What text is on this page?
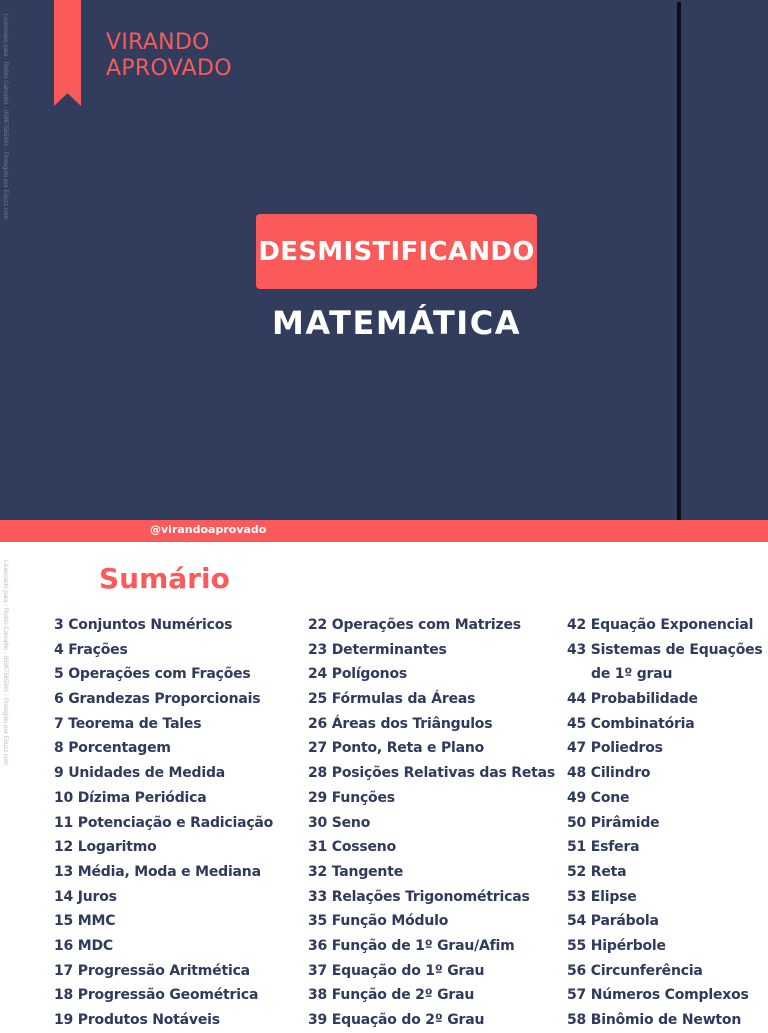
VIRANDO
APROVADO
Licenciado para - Rolido Carvalho - 05967565341 - Protegido por Eduzz.com
DESMISTIFICANDO
MATEMÁTICA
@virandoaprovado
Licenciado para - Rolido Carvalho - 05967565341 - Protegido por Eduzz.com	Sumário
3 Conjuntos Numéricos
4 Frações
5 Operações com Frações
6 Grandezas Proporcionais
7 Teorema de Tales
8 Porcentagem
9 Unidades de Medida
10 Dízima Periódica
11 Potenciação e Radiciação
12 Logaritmo
13 Média, Moda e Mediana
14 Juros
15 MMC
16 MDC
17 Progressão Aritmética
18 Progressão Geométrica
19 Produtos Notáveis
22 Operações com Matrizes
23 Determinantes
24 Polígonos
25 Fórmulas da Áreas
26 Áreas dos Triângulos
27 Ponto, Reta e Plano
28 Posições Relativas das Retas
29 Funções
30 Seno
31 Cosseno
32 Tangente
33 Relações Trigonométricas
35 Função Módulo
36 Função de 1º Grau/Afim
37 Equação do 1º Grau
38 Função de 2º Grau
39 Equação do 2º Grau
42 Equação Exponencial
43 Sistemas de Equações
de 1º grau
44 Probabilidade
45 Combinatória
47 Poliedros
48 Cilindro
49 Cone
50 Pirâmide
51 Esfera
52 Reta
53 Elipse
54 Parábola
55 Hipérbole
56 Circunferência
57 Números Complexos
58 Binômio de Newton
